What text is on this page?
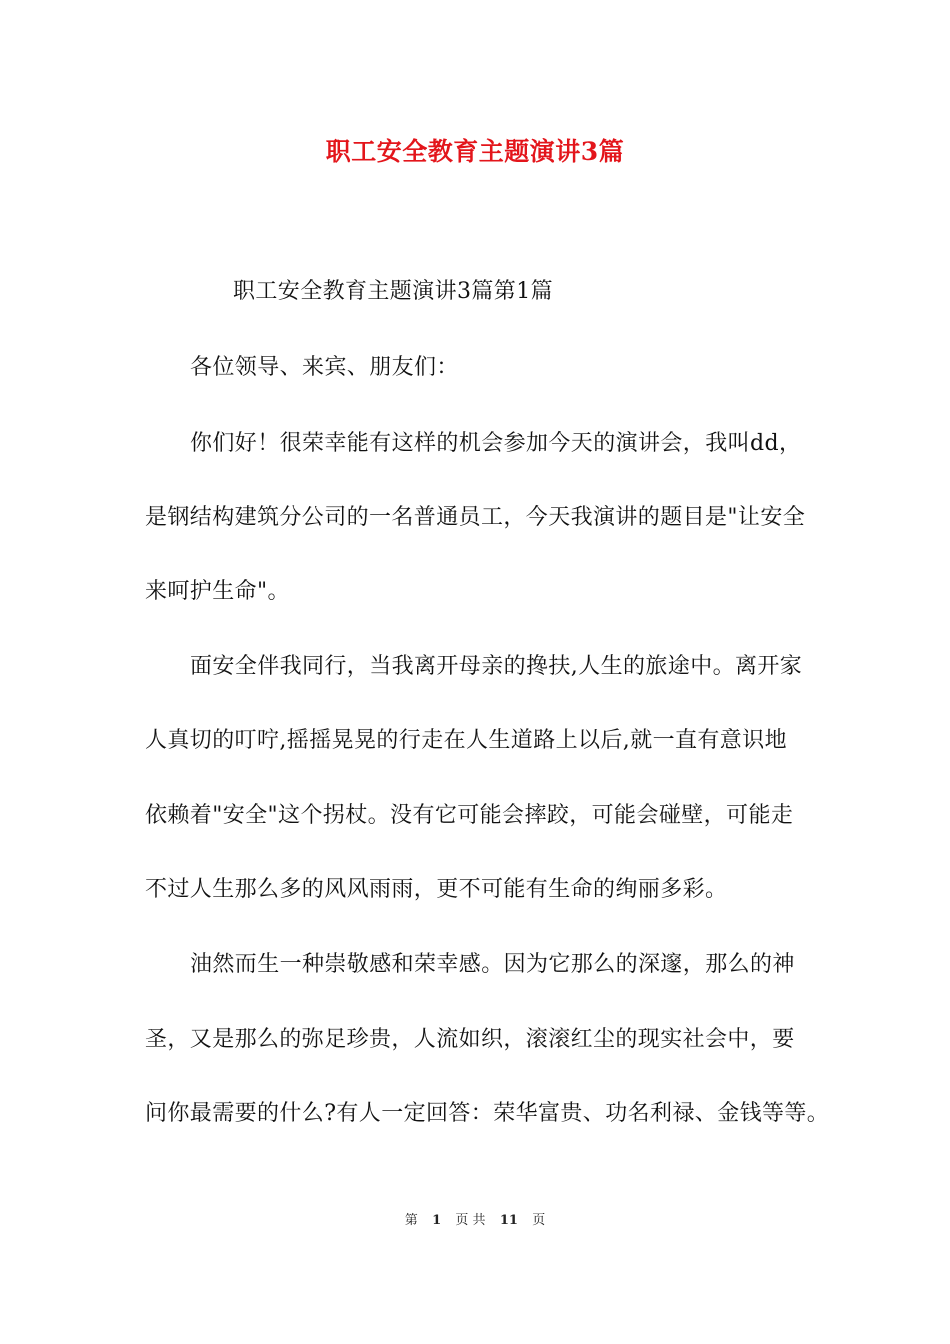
职工安全教育主题演讲3篇
职工安全教育主题演讲3篇第1篇
各位领导、来宾、朋友们：
你们好！很荣幸能有这样的机会参加今天的演讲会，我叫dd，
是钢结构建筑分公司的一名普通员工，今天我演讲的题目是"让安全
来呵护生命"。
面安全伴我同行，当我离开母亲的搀扶,人生的旅途中。离开家
人真切的叮咛,摇摇晃晃的行走在人生道路上以后,就一直有意识地
依赖着"安全"这个拐杖。没有它可能会摔跤，可能会碰壁，可能走
不过人生那么多的风风雨雨，更不可能有生命的绚丽多彩。
油然而生一种崇敬感和荣幸感。因为它那么的深邃，那么的神
圣，又是那么的弥足珍贵，人流如织，滚滚红尘的现实社会中，要
问你最需要的什么?有人一定回答：荣华富贵、功名利禄、金钱等等。
第 1 页 共 11 页
